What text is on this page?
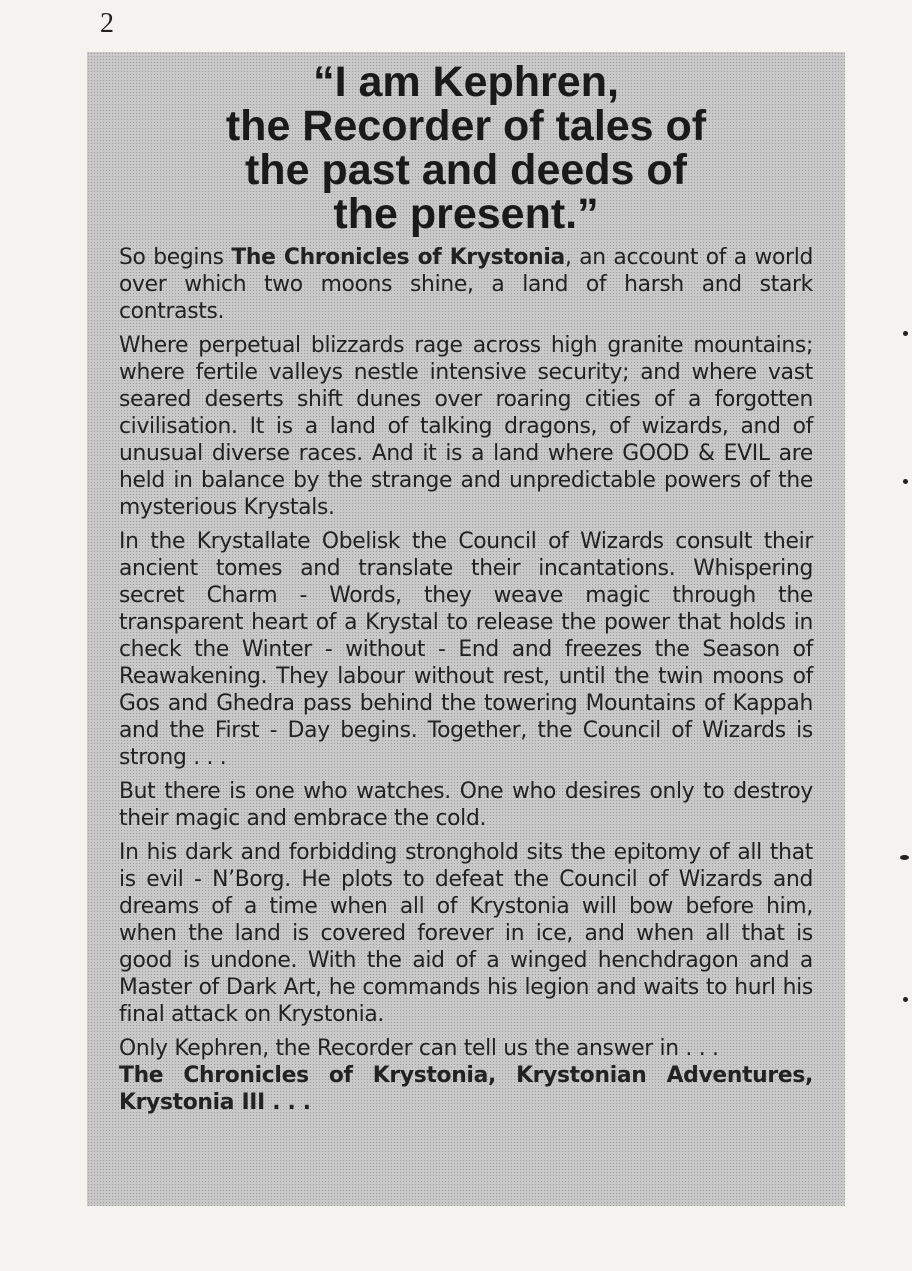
2
“I am Kephren,
the Recorder of tales of
the past and deeds of
the present.”

So begins The Chronicles of Krystonia, an account of a world over which two moons shine, a land of harsh and stark contrasts.

Where perpetual blizzards rage across high granite mountains; where fertile valleys nestle intensive security; and where vast seared deserts shift dunes over roaring cities of a forgotten civilisation. It is a land of talking dragons, of wizards, and of unusual diverse races. And it is a land where GOOD & EVIL are held in balance by the strange and unpredictable powers of the mysterious Krystals.

In the Krystallate Obelisk the Council of Wizards consult their ancient tomes and translate their incantations. Whispering secret Charm - Words, they weave magic through the transparent heart of a Krystal to release the power that holds in check the Winter - without - End and freezes the Season of Reawakening. They labour without rest, until the twin moons of Gos and Ghedra pass behind the towering Mountains of Kappah and the First - Day begins. Together, the Council of Wizards is strong . . .

But there is one who watches. One who desires only to destroy their magic and embrace the cold.

In his dark and forbidding stronghold sits the epitomy of all that is evil - N’Borg. He plots to defeat the Council of Wizards and dreams of a time when all of Krystonia will bow before him, when the land is covered forever in ice, and when all that is good is undone. With the aid of a winged henchdragon and a Master of Dark Art, he commands his legion and waits to hurl his final attack on Krystonia.

Only Kephren, the Recorder can tell us the answer in . . .
The Chronicles of Krystonia, Krystonian Adventures, Krystonia III . . .
